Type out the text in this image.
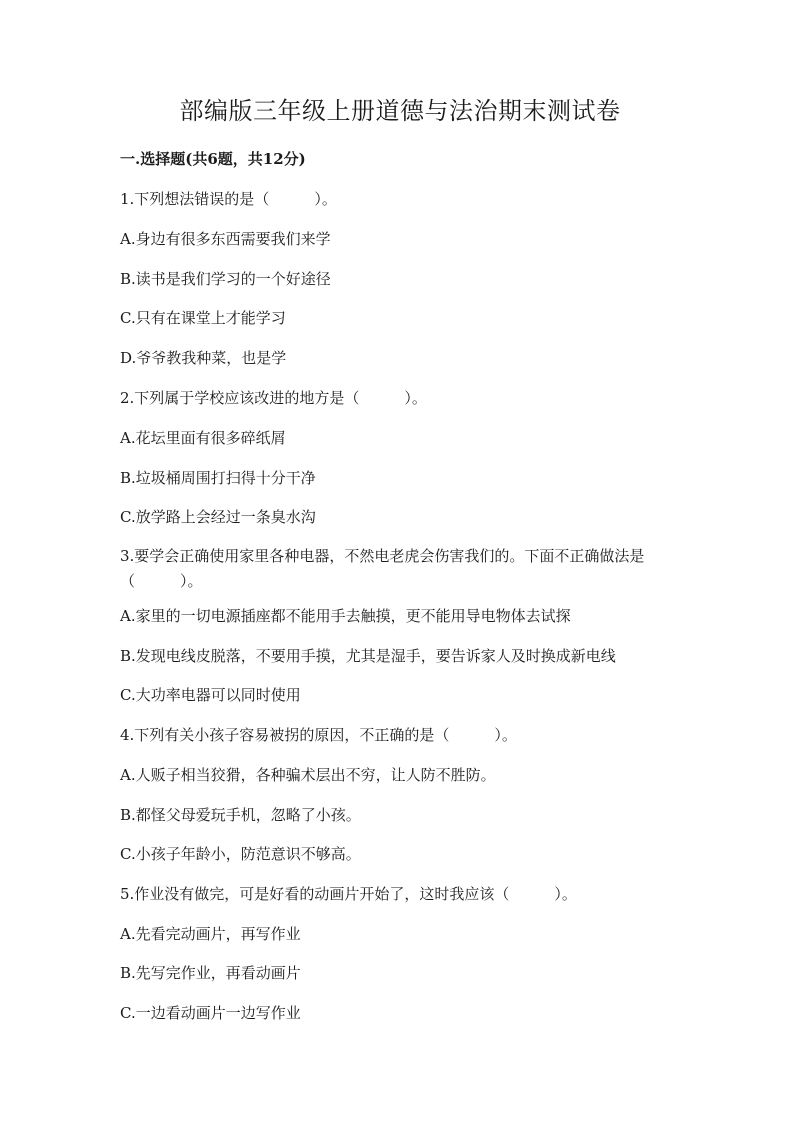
部编版三年级上册道德与法治期末测试卷

一.选择题(共6题，共12分)

1.下列想法错误的是（　　　）。

A.身边有很多东西需要我们来学

B.读书是我们学习的一个好途径

C.只有在课堂上才能学习

D.爷爷教我种菜，也是学

2.下列属于学校应该改进的地方是（　　　）。

A.花坛里面有很多碎纸屑

B.垃圾桶周围打扫得十分干净

C.放学路上会经过一条臭水沟

3.要学会正确使用家里各种电器，不然电老虎会伤害我们的。下面不正确做法是（　　　）。

A.家里的一切电源插座都不能用手去触摸，更不能用导电物体去试探

B.发现电线皮脱落，不要用手摸，尤其是湿手，要告诉家人及时换成新电线

C.大功率电器可以同时使用

4.下列有关小孩子容易被拐的原因，不正确的是（　　　）。

A.人贩子相当狡猾，各种骗术层出不穷，让人防不胜防。

B.都怪父母爱玩手机，忽略了小孩。

C.小孩子年龄小，防范意识不够高。

5.作业没有做完，可是好看的动画片开始了，这时我应该（　　　）。

A.先看完动画片，再写作业

B.先写完作业，再看动画片

C.一边看动画片一边写作业
